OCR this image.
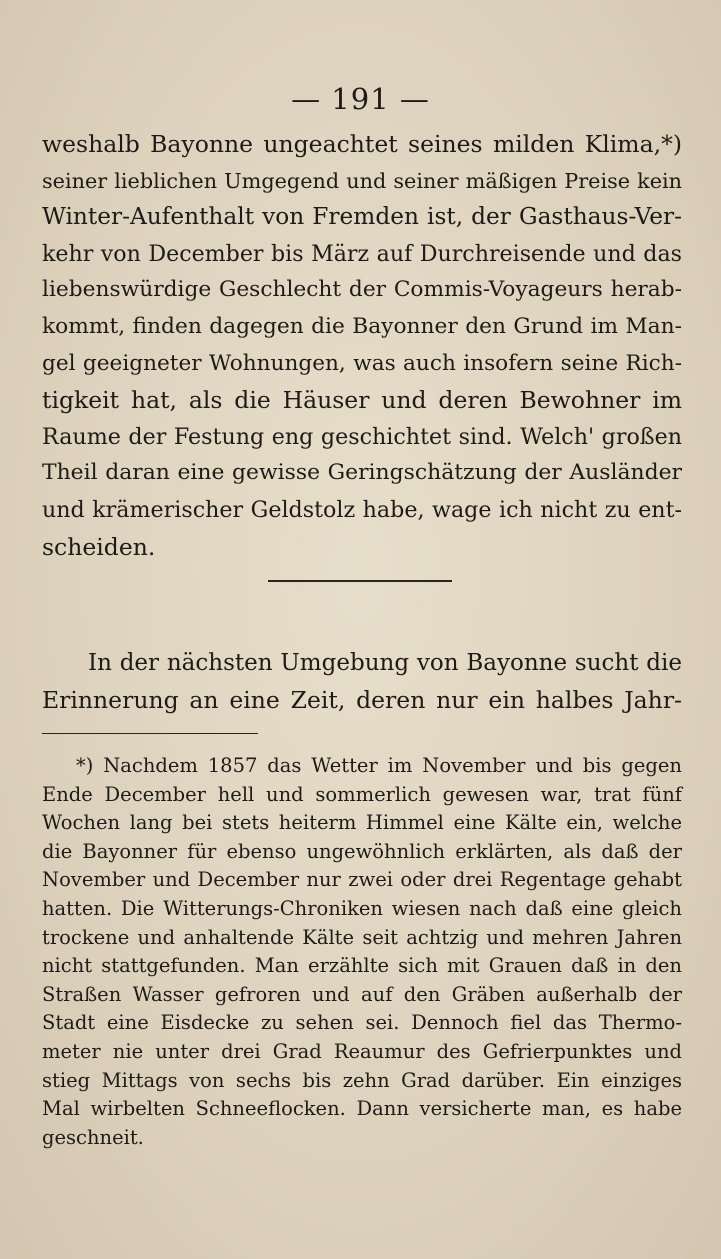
— 191 —
weshalb Bayonne ungeachtet seines milden Klima,*)
seiner lieblichen Umgegend und seiner mäßigen Preise kein
Winter-Aufenthalt von Fremden ist, der Gasthaus-Ver-
kehr von December bis März auf Durchreisende und das
liebenswürdige Geschlecht der Commis-Voyageurs herab-
kommt, finden dagegen die Bayonner den Grund im Man-
gel geeigneter Wohnungen, was auch insofern seine Rich-
tigkeit hat, als die Häuser und deren Bewohner im
Raume der Festung eng geschichtet sind. Welch' großen
Theil daran eine gewisse Geringschätzung der Ausländer
und krämerischer Geldstolz habe, wage ich nicht zu ent-
scheiden.
In der nächsten Umgebung von Bayonne sucht die
Erinnerung an eine Zeit, deren nur ein halbes Jahr-
*) Nachdem 1857 das Wetter im November und bis gegen
Ende December hell und sommerlich gewesen war, trat fünf
Wochen lang bei stets heiterm Himmel eine Kälte ein, welche
die Bayonner für ebenso ungewöhnlich erklärten, als daß der
November und December nur zwei oder drei Regentage gehabt
hatten. Die Witterungs-Chroniken wiesen nach daß eine gleich
trockene und anhaltende Kälte seit achtzig und mehren Jahren
nicht stattgefunden. Man erzählte sich mit Grauen daß in den
Straßen Wasser gefroren und auf den Gräben außerhalb der
Stadt eine Eisdecke zu sehen sei. Dennoch fiel das Thermo-
meter nie unter drei Grad Reaumur des Gefrierpunktes und
stieg Mittags von sechs bis zehn Grad darüber. Ein einziges
Mal wirbelten Schneeflocken. Dann versicherte man, es habe
geschneit.
